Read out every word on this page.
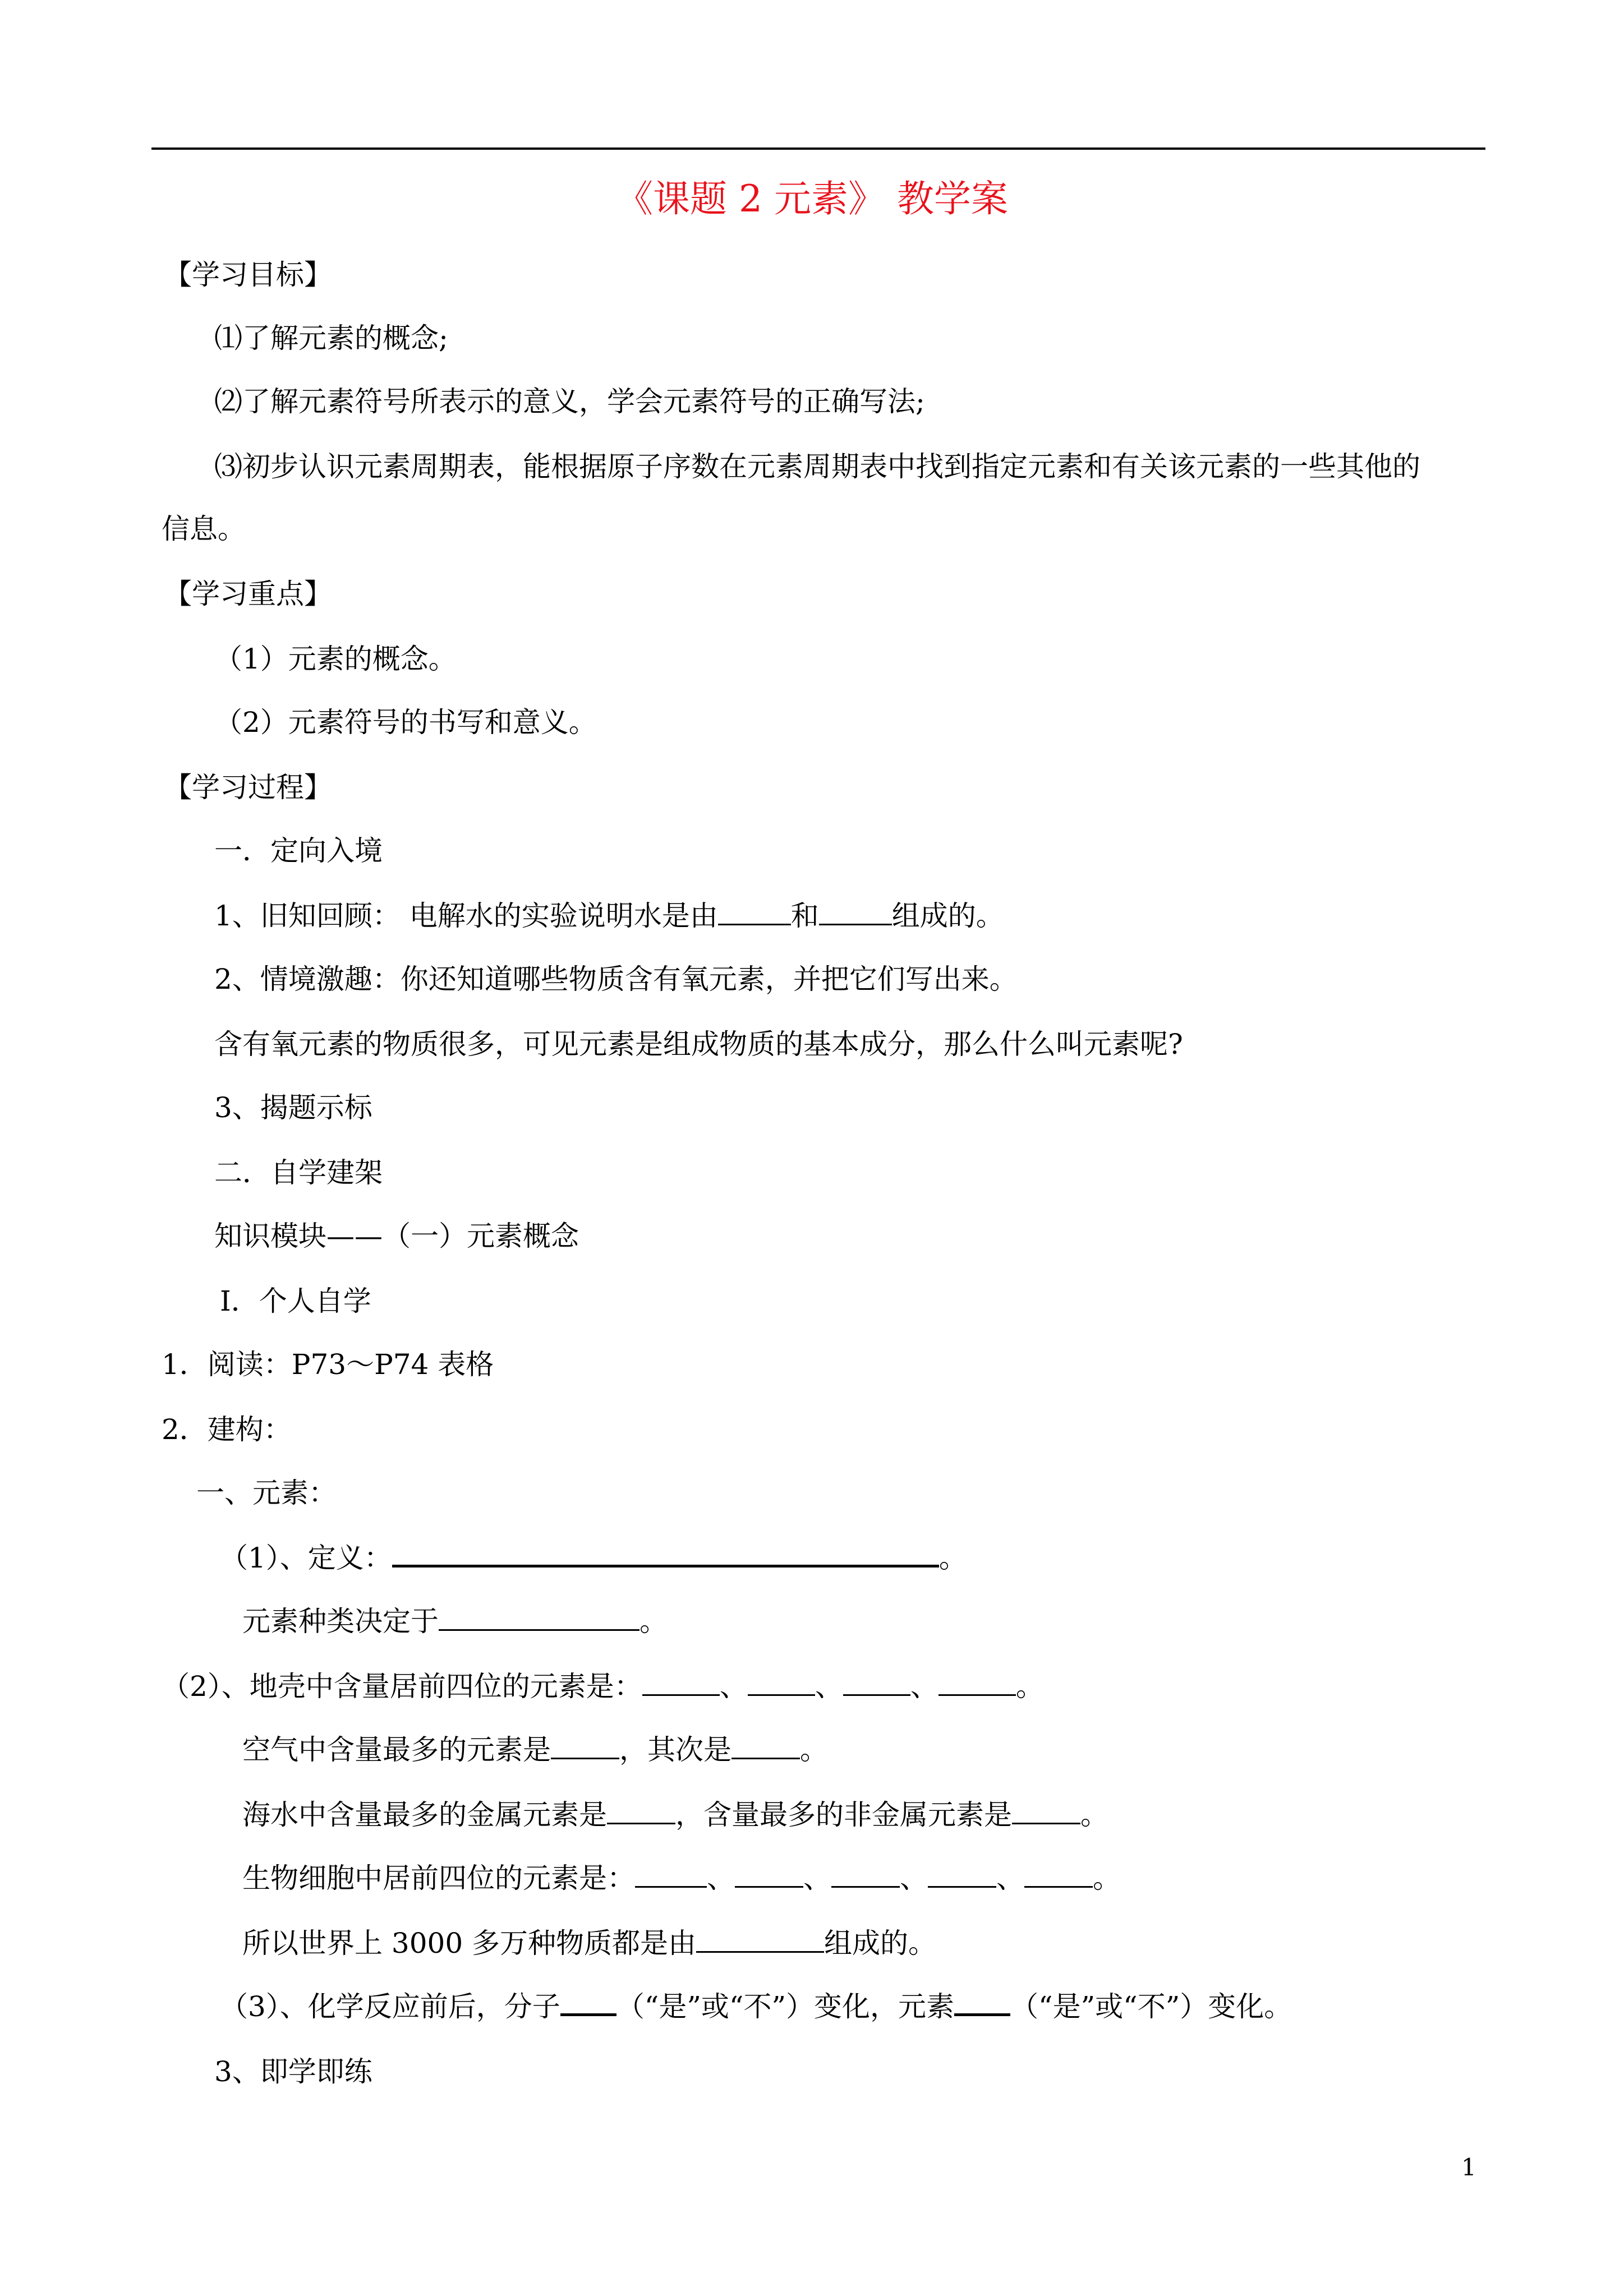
《课题 2 元素》 教学案
【学习目标】
⑴了解元素的概念;
⑵了解元素符号所表示的意义，学会元素符号的正确写法;
⑶初步认识元素周期表，能根据原子序数在元素周期表中找到指定元素和有关该元素的一些其他的
信息。
【学习重点】
（1）元素的概念。
（2）元素符号的书写和意义。
【学习过程】
一．定向入境
1、旧知回顾： 电解水的实验说明水是由	和	组成的。
2、情境激趣：你还知道哪些物质含有氧元素，并把它们写出来。
含有氧元素的物质很多，可见元素是组成物质的基本成分，那么什么叫元素呢?
3、揭题示标
二．自学建架
知识模块——（一）元素概念
Ⅰ．个人自学
1．阅读：P73～P74 表格
2．建构：
一、元素：
（1）、定义：	。
元素种类决定于	。
（2）、地壳中含量居前四位的元素是：	、 、 、	。
空气中含量最多的元素是 ，其次是 。
海水中含量最多的金属元素是 ，含量最多的非金属元素是 。
生物细胞中居前四位的元素是：	、 、 、 、 。
所以世界上 3000 多万种物质都是由	组成的。
（3）、化学反应前后，分子 （“是”或“不”）变化，元素 （“是”或“不”）变化。
3、即学即练
1
